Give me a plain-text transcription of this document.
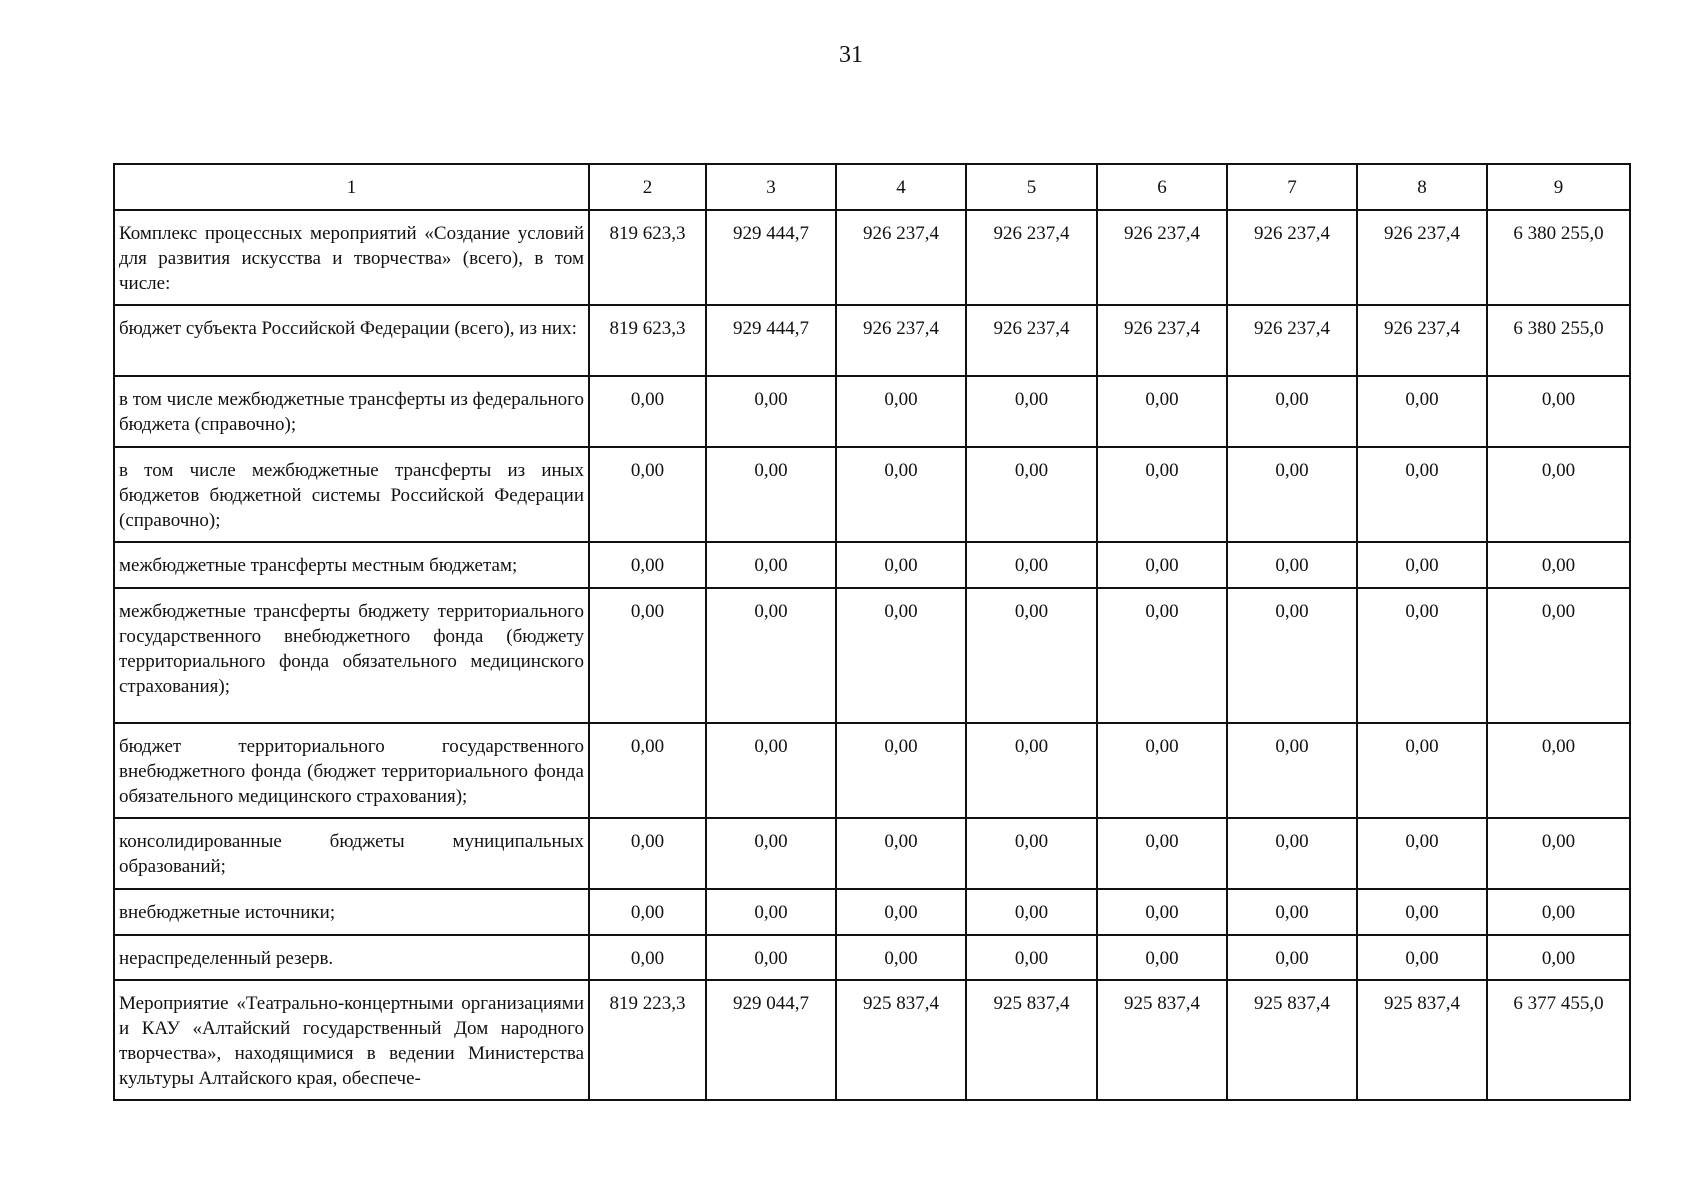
31
1	2	3	4	5	6	7	8	9
Комплекс процессных мероприятий «Создание условий для развития искусства и творчества» (всего), в том числе:	819 623,3	929 444,7	926 237,4	926 237,4	926 237,4	926 237,4	926 237,4	6 380 255,0
бюджет субъекта Российской Федерации (всего), из них:	819 623,3	929 444,7	926 237,4	926 237,4	926 237,4	926 237,4	926 237,4	6 380 255,0
в том числе межбюджетные трансферты из федерального бюджета (справочно);	0,00	0,00	0,00	0,00	0,00	0,00	0,00	0,00
в том числе межбюджетные трансферты из иных бюджетов бюджетной системы Российской Федерации (справочно);	0,00	0,00	0,00	0,00	0,00	0,00	0,00	0,00
межбюджетные трансферты местным бюджетам;	0,00	0,00	0,00	0,00	0,00	0,00	0,00	0,00
межбюджетные трансферты бюджету территориального государственного внебюджетного фонда (бюджету территориального фонда обязательного медицинского страхования);	0,00	0,00	0,00	0,00	0,00	0,00	0,00	0,00
бюджет территориального государственного внебюджетного фонда (бюджет территориального фонда обязательного медицинского страхования);	0,00	0,00	0,00	0,00	0,00	0,00	0,00	0,00
консолидированные бюджеты муниципальных образований;	0,00	0,00	0,00	0,00	0,00	0,00	0,00	0,00
внебюджетные источники;	0,00	0,00	0,00	0,00	0,00	0,00	0,00	0,00
нераспределенный резерв.	0,00	0,00	0,00	0,00	0,00	0,00	0,00	0,00
Мероприятие «Театрально-концертными организациями и КАУ «Алтайский государственный Дом народного творчества», находящимися в ведении Министерства культуры Алтайского края, обеспече-	819 223,3	929 044,7	925 837,4	925 837,4	925 837,4	925 837,4	925 837,4	6 377 455,0
